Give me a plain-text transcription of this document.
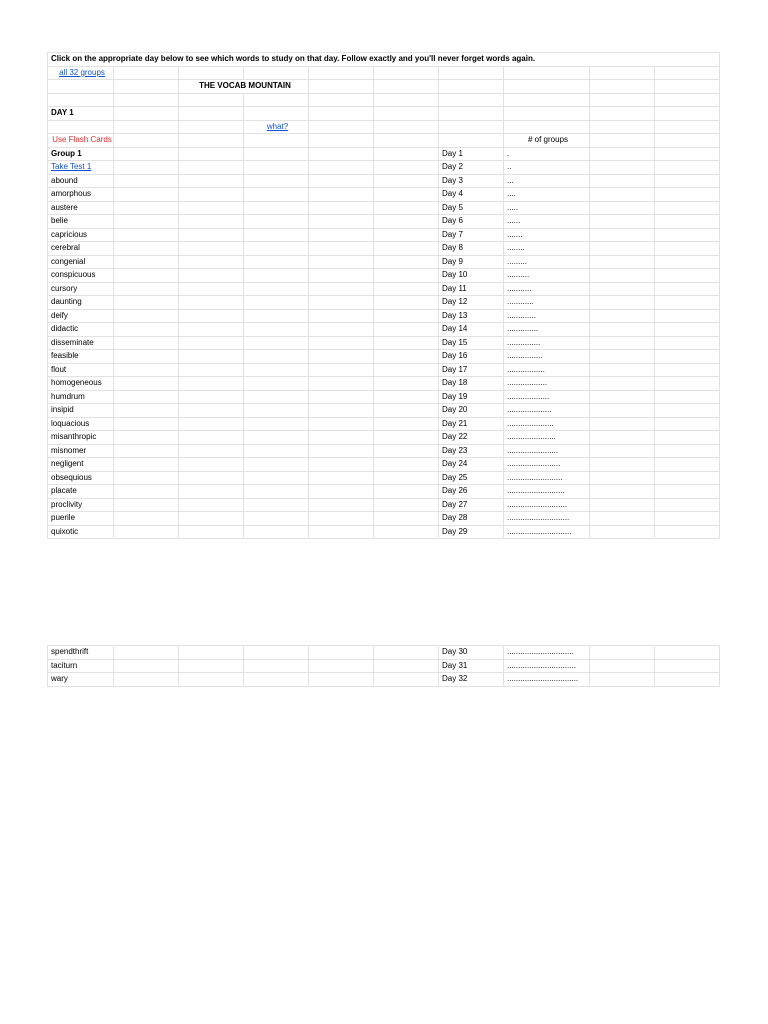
Click on the appropriate day below to see which words to study on that day. Follow exactly and you'll never forget words again.									
all 32 groups									
		THE VOCAB MOUNTAIN							

DAY 1									
			what?						
Use Flash Cards							# of groups		
Group 1						Day 1	.		
Take Test 1						Day 2	..		
abound						Day 3	...		
amorphous						Day 4	....		
austere						Day 5	.....		
belie						Day 6	......		
capricious						Day 7	.......		
cerebral						Day 8	........		
congenial						Day 9	.........		
conspicuous						Day 10	..........		
cursory						Day 11	...........		
daunting						Day 12	............		
deify						Day 13	.............		
didactic						Day 14	..............		
disseminate						Day 15	...............		
feasible						Day 16	................		
flout						Day 17	.................		
homogeneous						Day 18	..................		
humdrum						Day 19	...................		
insipid						Day 20	....................		
loquacious						Day 21	.....................		
misanthropic						Day 22	......................		
misnomer						Day 23	.......................		
negligent						Day 24	........................		
obsequious						Day 25	.........................		
placate						Day 26	..........................		
proclivity						Day 27	...........................		
puerile						Day 28	............................		
quixotic						Day 29	.............................		
spendthrift						Day 30	..............................		
taciturn						Day 31	...............................		
wary						Day 32	................................		
